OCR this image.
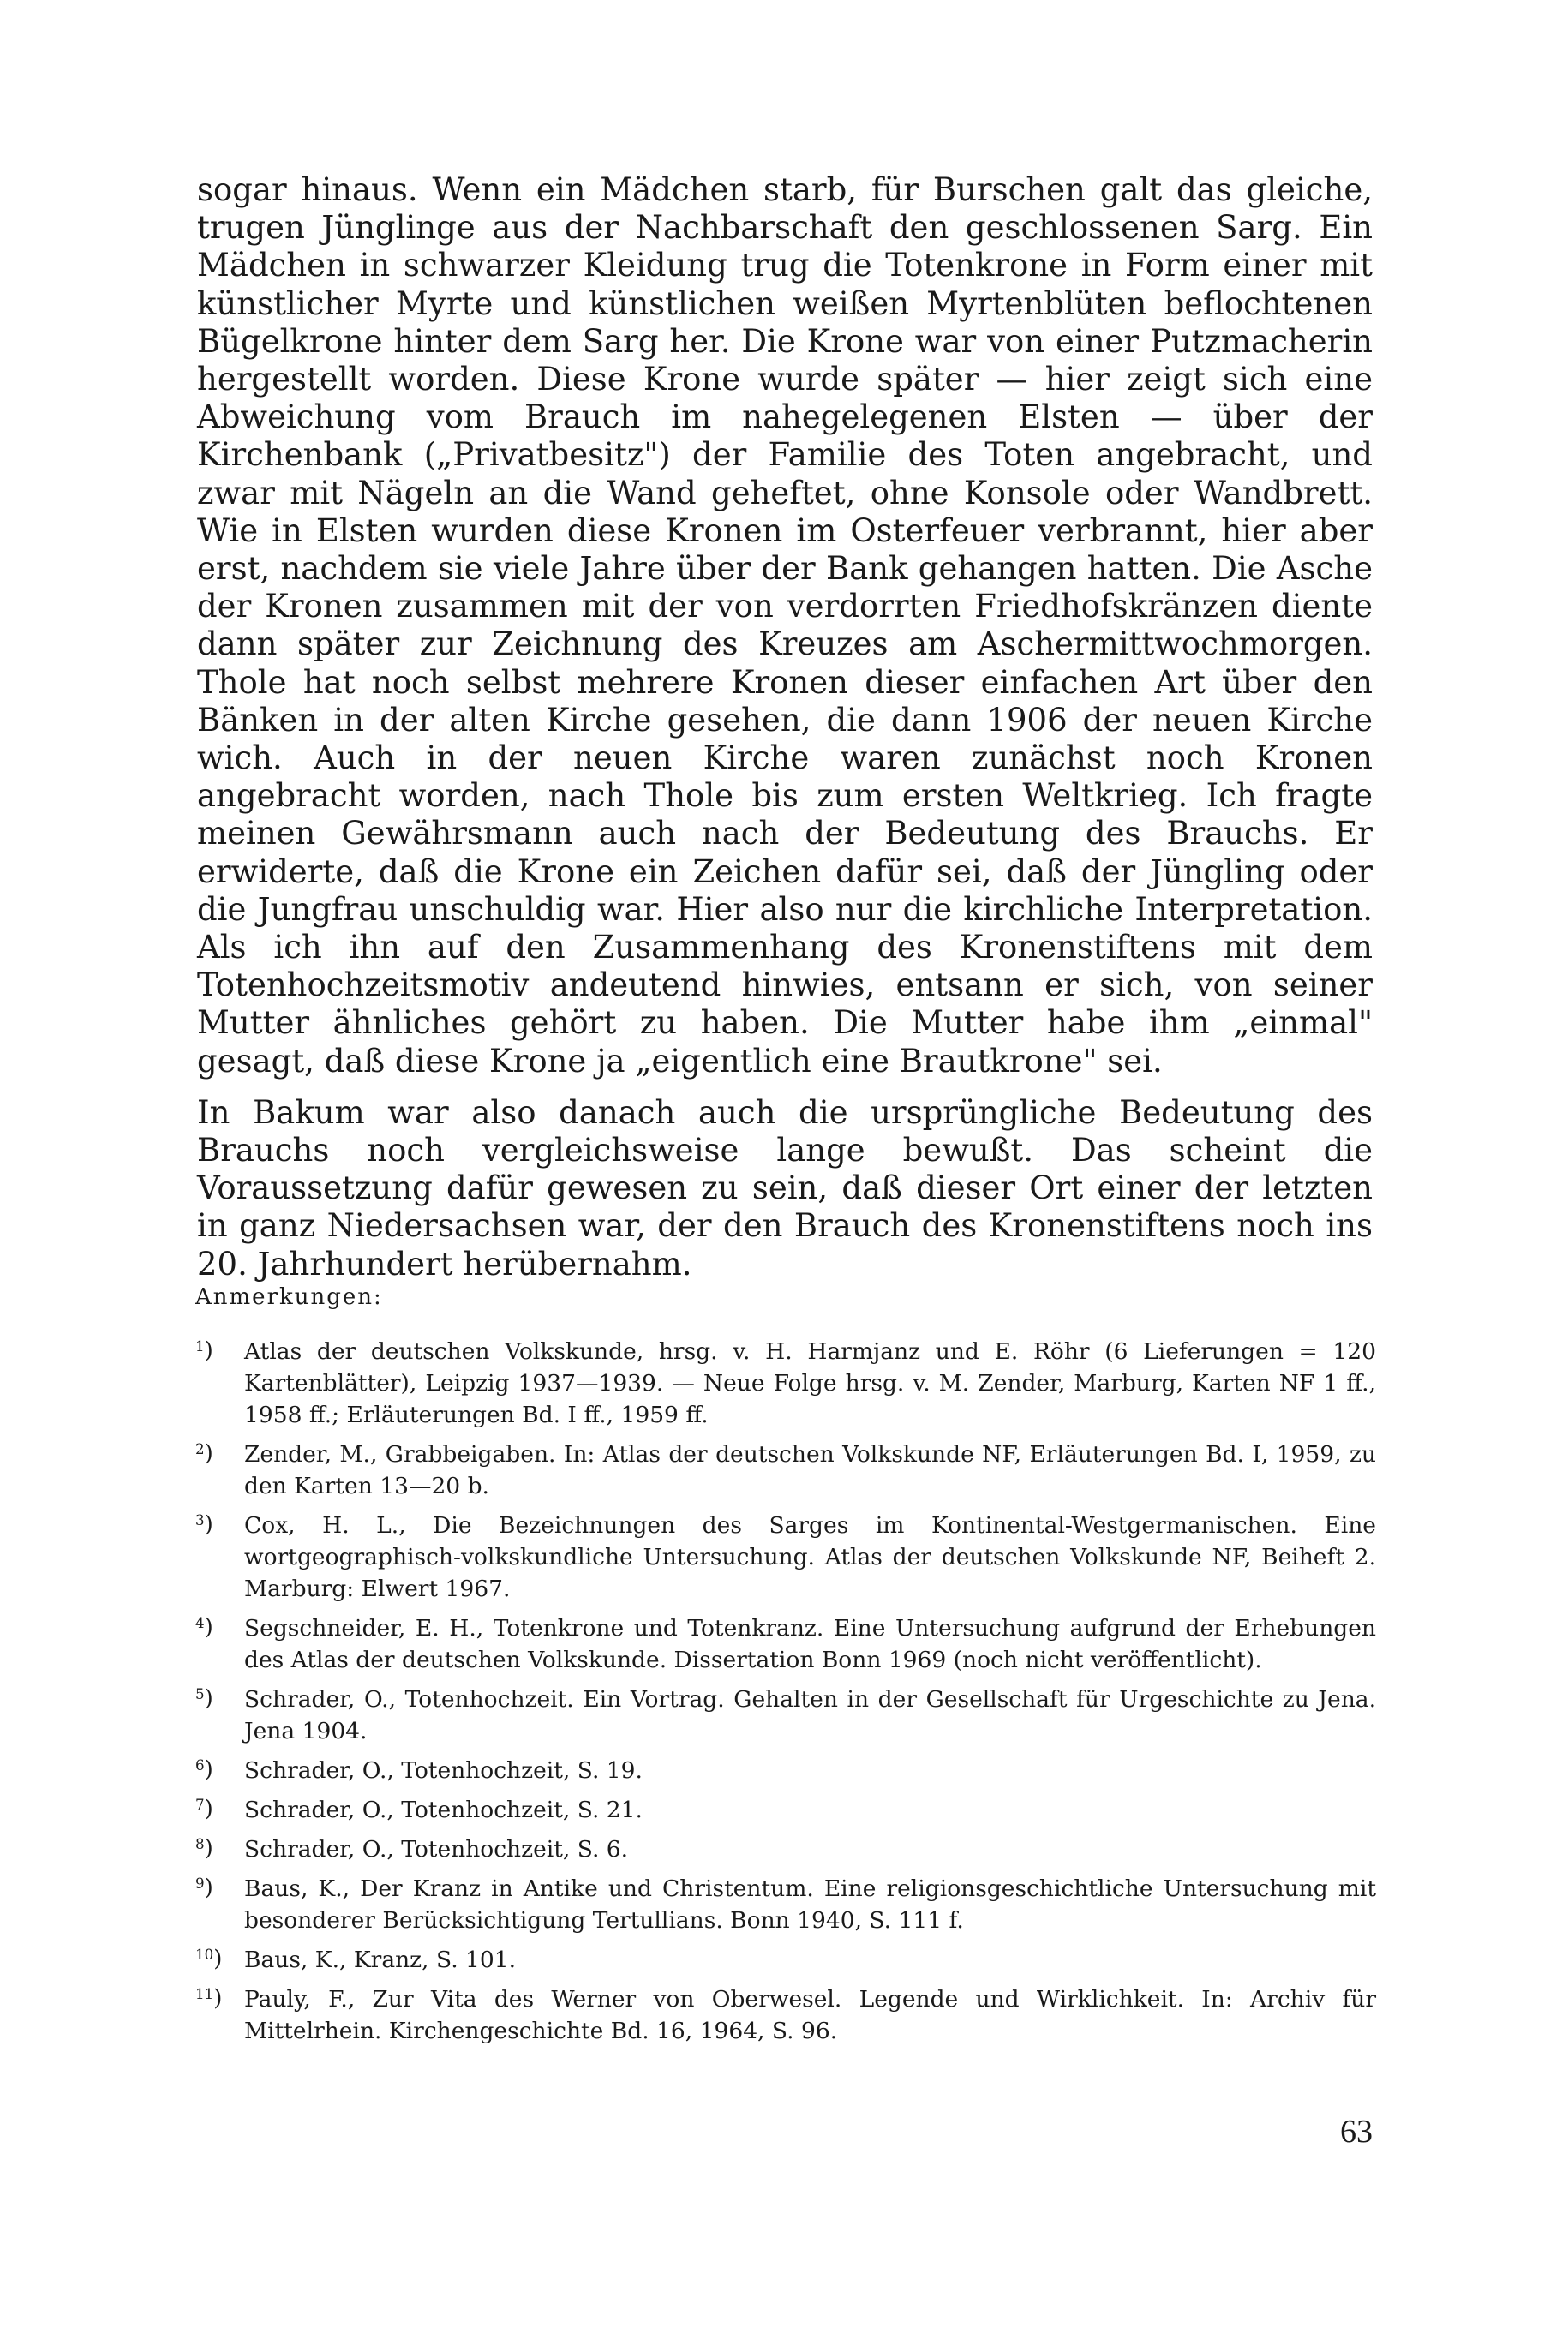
sogar hinaus. Wenn ein Mädchen starb, für Burschen galt das gleiche, trugen Jünglinge aus der Nachbarschaft den geschlossenen Sarg. Ein Mädchen in schwarzer Kleidung trug die Totenkrone in Form einer mit künstlicher Myrte und künstlichen weißen Myrtenblüten beflochtenen Bügelkrone hinter dem Sarg her. Die Krone war von einer Putzmacherin hergestellt worden. Diese Krone wurde später — hier zeigt sich eine Abweichung vom Brauch im nahegelegenen Elsten — über der Kirchenbank („Privatbesitz") der Familie des Toten angebracht, und zwar mit Nägeln an die Wand geheftet, ohne Konsole oder Wandbrett. Wie in Elsten wurden diese Kronen im Osterfeuer verbrannt, hier aber erst, nachdem sie viele Jahre über der Bank gehangen hatten. Die Asche der Kronen zusammen mit der von verdorrten Friedhofskränzen diente dann später zur Zeichnung des Kreuzes am Aschermittwochmorgen. Thole hat noch selbst mehrere Kronen dieser einfachen Art über den Bänken in der alten Kirche gesehen, die dann 1906 der neuen Kirche wich. Auch in der neuen Kirche waren zunächst noch Kronen angebracht worden, nach Thole bis zum ersten Weltkrieg. Ich fragte meinen Gewährsmann auch nach der Bedeutung des Brauchs. Er erwiderte, daß die Krone ein Zeichen dafür sei, daß der Jüngling oder die Jungfrau unschuldig war. Hier also nur die kirchliche Interpretation. Als ich ihn auf den Zusammenhang des Kronenstiftens mit dem Totenhochzeitsmotiv andeutend hinwies, entsann er sich, von seiner Mutter ähnliches gehört zu haben. Die Mutter habe ihm „einmal" gesagt, daß diese Krone ja „eigentlich eine Brautkrone" sei.

In Bakum war also danach auch die ursprüngliche Bedeutung des Brauchs noch vergleichsweise lange bewußt. Das scheint die Voraussetzung dafür gewesen zu sein, daß dieser Ort einer der letzten in ganz Niedersachsen war, der den Brauch des Kronenstiftens noch ins 20. Jahrhundert herübernahm.

Anmerkungen:
$^1$)	Atlas der deutschen Volkskunde, hrsg. v. H. Harmjanz und E. Röhr (6 Lieferungen = 120 Kartenblätter), Leipzig 1937—1939. — Neue Folge hrsg. v. M. Zender, Marburg, Karten NF 1 ff., 1958 ff.; Erläuterungen Bd. I ff., 1959 ff.
$^2$)	Zender, M., Grabbeigaben. In: Atlas der deutschen Volkskunde NF, Erläuterungen Bd. I, 1959, zu den Karten 13—20 b.
$^3$)	Cox, H. L., Die Bezeichnungen des Sarges im Kontinental-Westgermanischen. Eine wortgeographisch-volkskundliche Untersuchung. Atlas der deutschen Volkskunde NF, Beiheft 2. Marburg: Elwert 1967.
$^4$)	Segschneider, E. H., Totenkrone und Totenkranz. Eine Untersuchung aufgrund der Erhebungen des Atlas der deutschen Volkskunde. Dissertation Bonn 1969 (noch nicht veröffentlicht).
$^5$)	Schrader, O., Totenhochzeit. Ein Vortrag. Gehalten in der Gesellschaft für Urgeschichte zu Jena. Jena 1904.
$^6$)	Schrader, O., Totenhochzeit, S. 19.
$^7$)	Schrader, O., Totenhochzeit, S. 21.
$^8$)	Schrader, O., Totenhochzeit, S. 6.
$^9$)	Baus, K., Der Kranz in Antike und Christentum. Eine religionsgeschichtliche Untersuchung mit besonderer Berücksichtigung Tertullians. Bonn 1940, S. 111 f.
$^{10}$) Baus, K., Kranz, S. 101.
$^{11}$) Pauly, F., Zur Vita des Werner von Oberwesel. Legende und Wirklichkeit. In: Archiv für Mittelrhein. Kirchengeschichte Bd. 16, 1964, S. 96.
63
